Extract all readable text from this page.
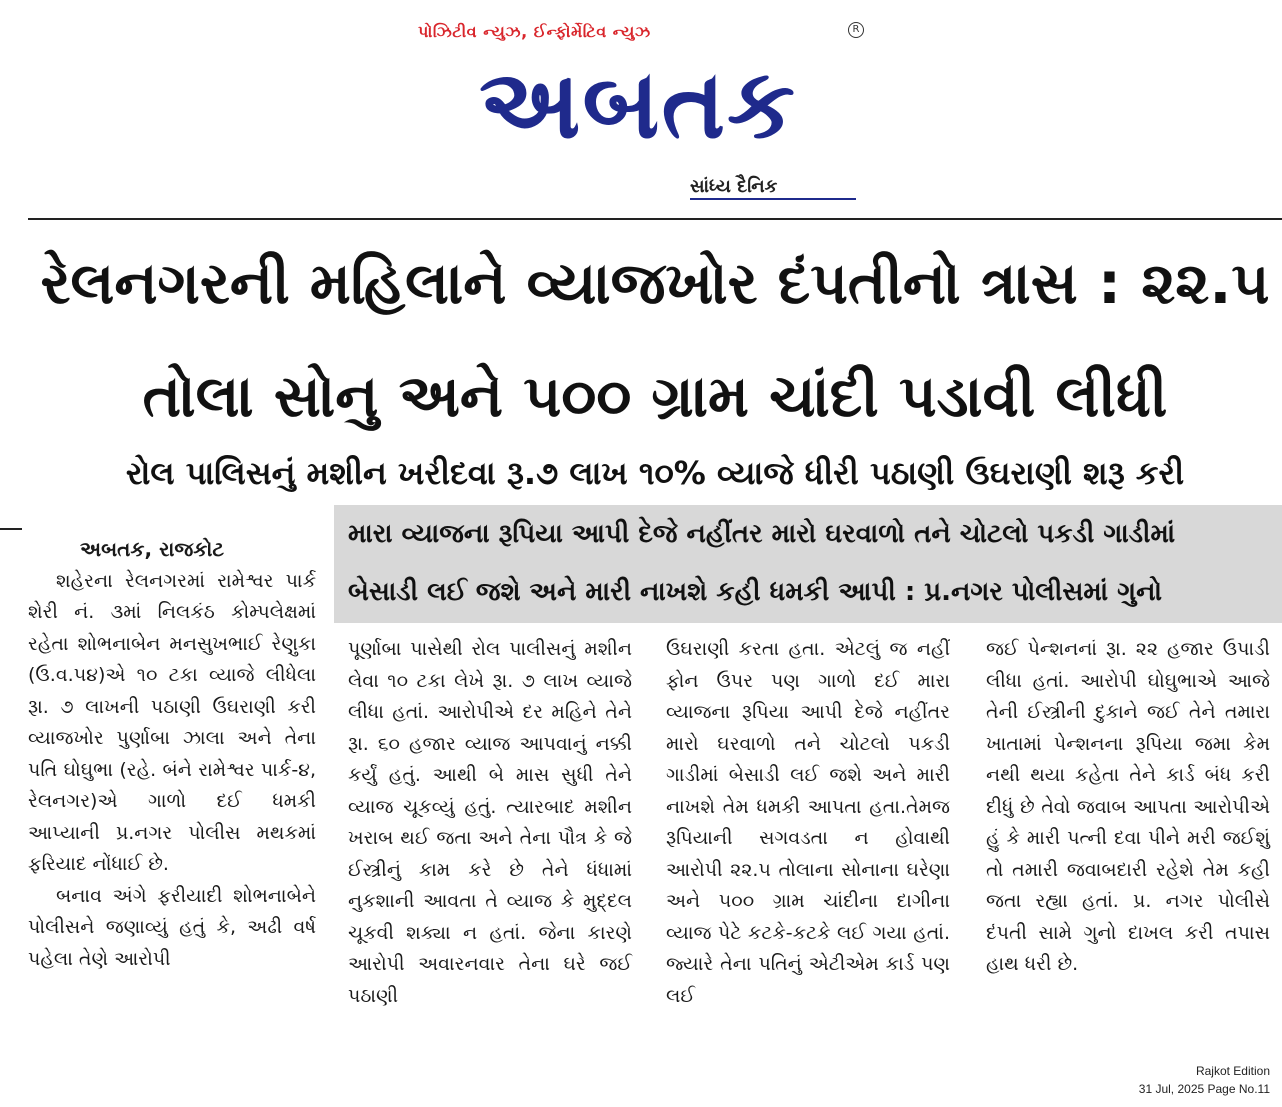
પોઝિટીવ ન્યુઝ, ઈન્ફોર્મેટિવ ન્યુઝ	R
અબતક
સાંધ્ય દૈનિક
રેલનગરની મહિલાને વ્યાજખોર દંપતીનો ત્રાસ : ૨૨.૫
તોલા સોનુ અને ૫૦૦ ગ્રામ ચાંદી પડાવી લીધી
રોલ પાલિસનું મશીન ખરીદવા રૂ.૭ લાખ ૧૦% વ્યાજે ધીરી પઠાણી ઉઘરાણી શરૂ કરી

મારા વ્યાજના રૂપિયા આપી દેજે નહીંતર મારો ઘરવાળો તને ચોટલો પકડી ગાડીમાં

બેસાડી લઈ જશે અને મારી નાખશે કહી ધમકી આપી : પ્ર.નગર પોલીસમાં ગુનો

અબતક, રાજકોટ

શહેરના રેલનગરમાં રામેશ્વર પાર્ક શેરી નં. ૩માં નિલકંઠ કોમ્પલેક્ષમાં રહેતા શોભનાબેન મનસુખભાઈ રેણુકા (ઉ.વ.૫૪)એ ૧૦ ટકા વ્યાજે લીધેલા રૂા. ૭ લાખની પઠાણી ઉઘરાણી કરી વ્યાજખોર પુર્ણાબા ઝાલા અને તેના પતિ ઘોઘુભા (રહે. બંને રામેશ્વર પાર્ક-૪, રેલનગર)એ ગાળો દઈ ધમકી આપ્યાની પ્ર.નગર પોલીસ મથકમાં ફરિયાદ નોંધાઈ છે.

બનાવ અંગે ફરીયાદી શોભનાબેને પોલીસને જણાવ્યું હતું કે, અઢી વર્ષ પહેલા તેણે આરોપી

પૂર્ણાબા પાસેથી રોલ પાલીસનું મશીન લેવા ૧૦ ટકા લેખે રૂા. ૭ લાખ વ્યાજે લીધા હતાં. આરોપીએ દર મહિને તેને રૂા. ૬૦ હજાર વ્યાજ આપવાનું નક્કી કર્યું હતું. આથી બે માસ સુધી તેને વ્યાજ ચૂકવ્યું હતું. ત્યારબાદ મશીન ખરાબ થઈ જતા અને તેના પૌત્ર કે જે ઈસ્ત્રીનું કામ કરે છે તેને ધંધામાં નુકશાની આવતા તે વ્યાજ કે મુદ્દલ ચૂકવી શક્યા ન હતાં. જેના કારણે આરોપી અવારનવાર તેના ઘરે જઈ પઠાણી

ઉઘરાણી કરતા હતા. એટલું જ નહીં ફોન ઉપર પણ ગાળો દઈ મારા વ્યાજના રૂપિયા આપી દેજે નહીંતર મારો ઘરવાળો તને ચોટલો પકડી ગાડીમાં બેસાડી લઈ જશે અને મારી નાખશે તેમ ધમકી આપતા હતા.તેમજ રૂપિયાની સગવડતા ન હોવાથી આરોપી ૨૨.૫ તોલાના સોનાના ઘરેણા અને ૫૦૦ ગ્રામ ચાંદીના દાગીના વ્યાજ પેટે કટકે-કટકે લઈ ગયા હતાં. જ્યારે તેના પતિનું એટીએમ કાર્ડ પણ લઈ

જઈ પેન્શનનાં રૂા. ૨૨ હજાર ઉપાડી લીધા હતાં. આરોપી ઘોઘુભાએ આજે તેની ઈસ્ત્રીની દુકાને જઈ તેને તમારા ખાતામાં પેન્શનના રૂપિયા જમા કેમ નથી થયા કહેતા તેને કાર્ડ બંધ કરી દીધું છે તેવો જવાબ આપતા આરોપીએ હું કે મારી પત્ની દવા પીને મરી જઈશું તો તમારી જવાબદારી રહેશે તેમ કહી જતા રહ્યા હતાં. પ્ર. નગર પોલીસે દંપતી સામે ગુનો દાખલ કરી તપાસ હાથ ધરી છે.

Rajkot Edition
31 Jul, 2025 Page No.11
